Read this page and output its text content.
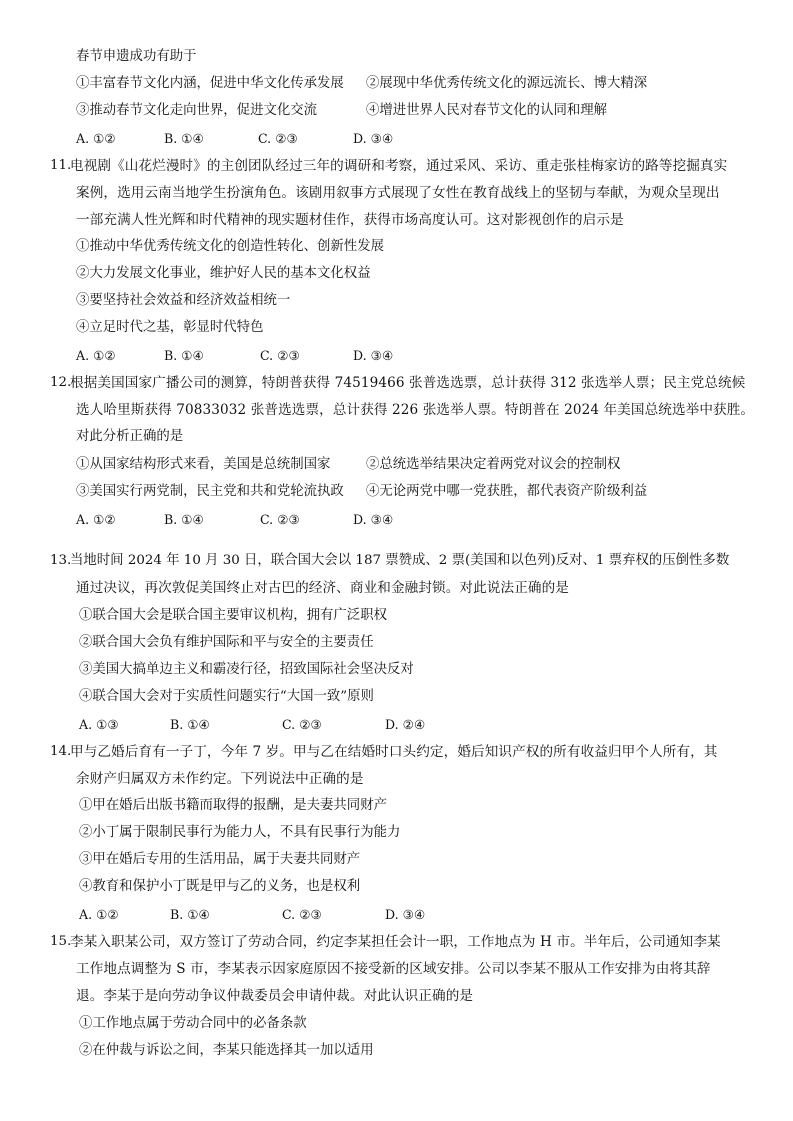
春节申遗成功有助于
①丰富春节文化内涵，促进中华文化传承发展 ②展现中华优秀传统文化的源远流长、博大精深
③推动春节文化走向世界，促进文化交流	④增进世界人民对春节文化的认同和理解
A. ①②	B. ①④	C. ②③	D. ③④
11.
电视剧《山花烂漫时》的主创团队经过三年的调研和考察，通过采风、采访、重走张桂梅家访的路等挖掘真实
案例，选用云南当地学生扮演角色。该剧用叙事方式展现了女性在教育战线上的坚韧与奉献，为观众呈现出
一部充满人性光辉和时代精神的现实题材佳作，获得市场高度认可。这对影视创作的启示是
①推动中华优秀传统文化的创造性转化、创新性发展
②大力发展文化事业，维护好人民的基本文化权益
③要坚持社会效益和经济效益相统一
④立足时代之基，彰显时代特色
A. ①②	B. ①④	C. ②③	D. ③④
12.
根据美国国家广播公司的测算，特朗普获得 74519466 张普选选票，总计获得 312 张选举人票；民主党总统候
选人哈里斯获得 70833032 张普选选票，总计获得 226 张选举人票。特朗普在 2024 年美国总统选举中获胜。
对此分析正确的是
①从国家结构形式来看，美国是总统制国家	②总统选举结果决定着两党对议会的控制权
③美国实行两党制，民主党和共和党轮流执政 ④无论两党中哪一党获胜，都代表资产阶级利益
A. ①②	B. ①④	C. ②③	D. ③④
13.
当地时间 2024 年 10 月 30 日，联合国大会以 187 票赞成、2 票(美国和以色列)反对、1 票弃权的压倒性多数
通过决议，再次敦促美国终止对古巴的经济、商业和金融封锁。对此说法正确的是
①联合国大会是联合国主要审议机构，拥有广泛职权
②联合国大会负有维护国际和平与安全的主要责任
③美国大搞单边主义和霸凌行径，招致国际社会坚决反对
④联合国大会对于实质性问题实行“大国一致”原则
A. ①③	B. ①④	C. ②③	D. ②④
14.
甲与乙婚后育有一子丁，今年 7 岁。甲与乙在结婚时口头约定，婚后知识产权的所有收益归甲个人所有，其
余财产归属双方未作约定。下列说法中正确的是
①甲在婚后出版书籍而取得的报酬，是夫妻共同财产
②小丁属于限制民事行为能力人，不具有民事行为能力
③甲在婚后专用的生活用品，属于夫妻共同财产
④教育和保护小丁既是甲与乙的义务，也是权利
A. ①②	B. ①④	C. ②③	D. ③④
15.
李某入职某公司，双方签订了劳动合同，约定李某担任会计一职，工作地点为 H 市。半年后，公司通知李某
工作地点调整为 S 市，李某表示因家庭原因不接受新的区域安排。公司以李某不服从工作安排为由将其辞
退。李某于是向劳动争议仲裁委员会申请仲裁。对此认识正确的是
①工作地点属于劳动合同中的必备条款
②在仲裁与诉讼之间，李某只能选择其一加以适用
